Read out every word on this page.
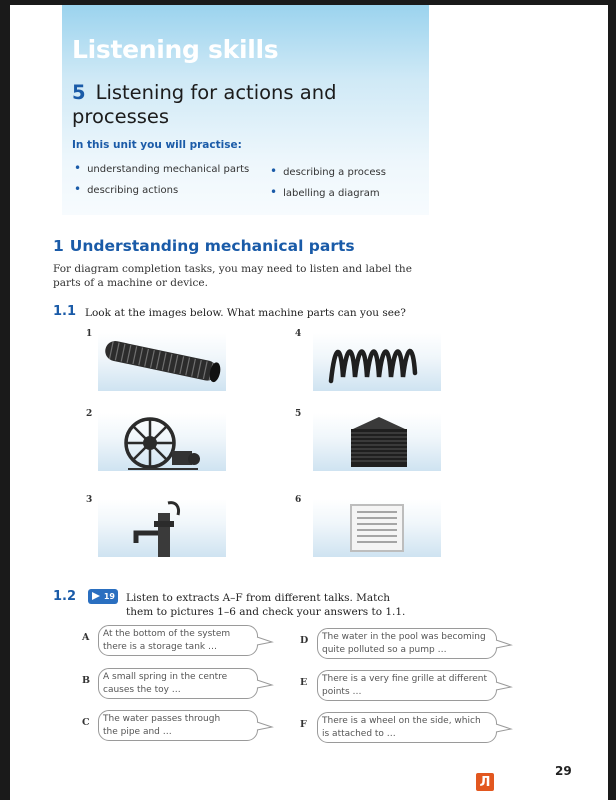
Listening skills
5 Listening for actions and processes
In this unit you will practise:
• understanding mechanical parts
• describing actions
• describing a process
• labelling a diagram
1 Understanding mechanical parts

For diagram completion tasks, you may need to listen and label the parts of a machine or device.

1.1 Look at the images below. What machine parts can you see?
1	4
2	5
3	6
1.2	19 Listen to extracts A–F from different talks. Match them to pictures 1–6 and check your answers to 1.1.
A At the bottom of the system
there is a storage tank …
B A small spring in the centre
causes the toy …
C The water passes through
the pipe and …
D The water in the pool was becoming
quite polluted so a pump …
E There is a very fine grille at different
points …
F There is a wheel on the side, which
is attached to …
29
Л
